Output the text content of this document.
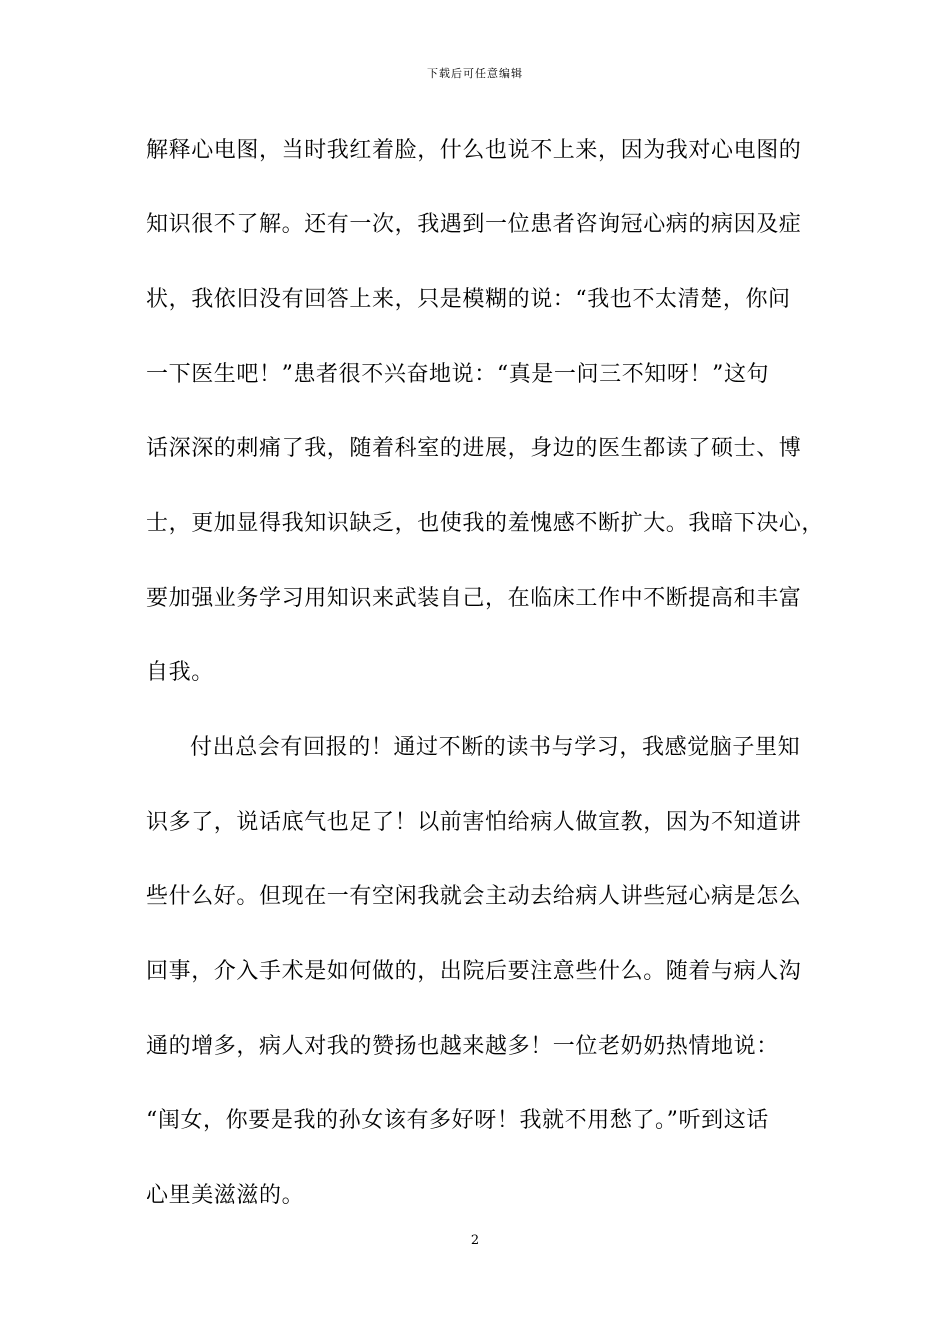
下载后可任意编辑
解释心电图，当时我红着脸，什么也说不上来，因为我对心电图的
知识很不了解。还有一次，我遇到一位患者咨询冠心病的病因及症
状，我依旧没有回答上来，只是模糊的说：“我也不太清楚，你问
一下医生吧！”患者很不兴奋地说：“真是一问三不知呀！”这句
话深深的刺痛了我，随着科室的进展，身边的医生都读了硕士、博
士，更加显得我知识缺乏，也使我的羞愧感不断扩大。我暗下决心，
要加强业务学习用知识来武装自己，在临床工作中不断提高和丰富
自我。
付出总会有回报的！通过不断的读书与学习，我感觉脑子里知
识多了，说话底气也足了！以前害怕给病人做宣教，因为不知道讲
些什么好。但现在一有空闲我就会主动去给病人讲些冠心病是怎么
回事，介入手术是如何做的，出院后要注意些什么。随着与病人沟
通的增多，病人对我的赞扬也越来越多！一位老奶奶热情地说：
“闺女，你要是我的孙女该有多好呀！我就不用愁了。”听到这话
心里美滋滋的。
2
